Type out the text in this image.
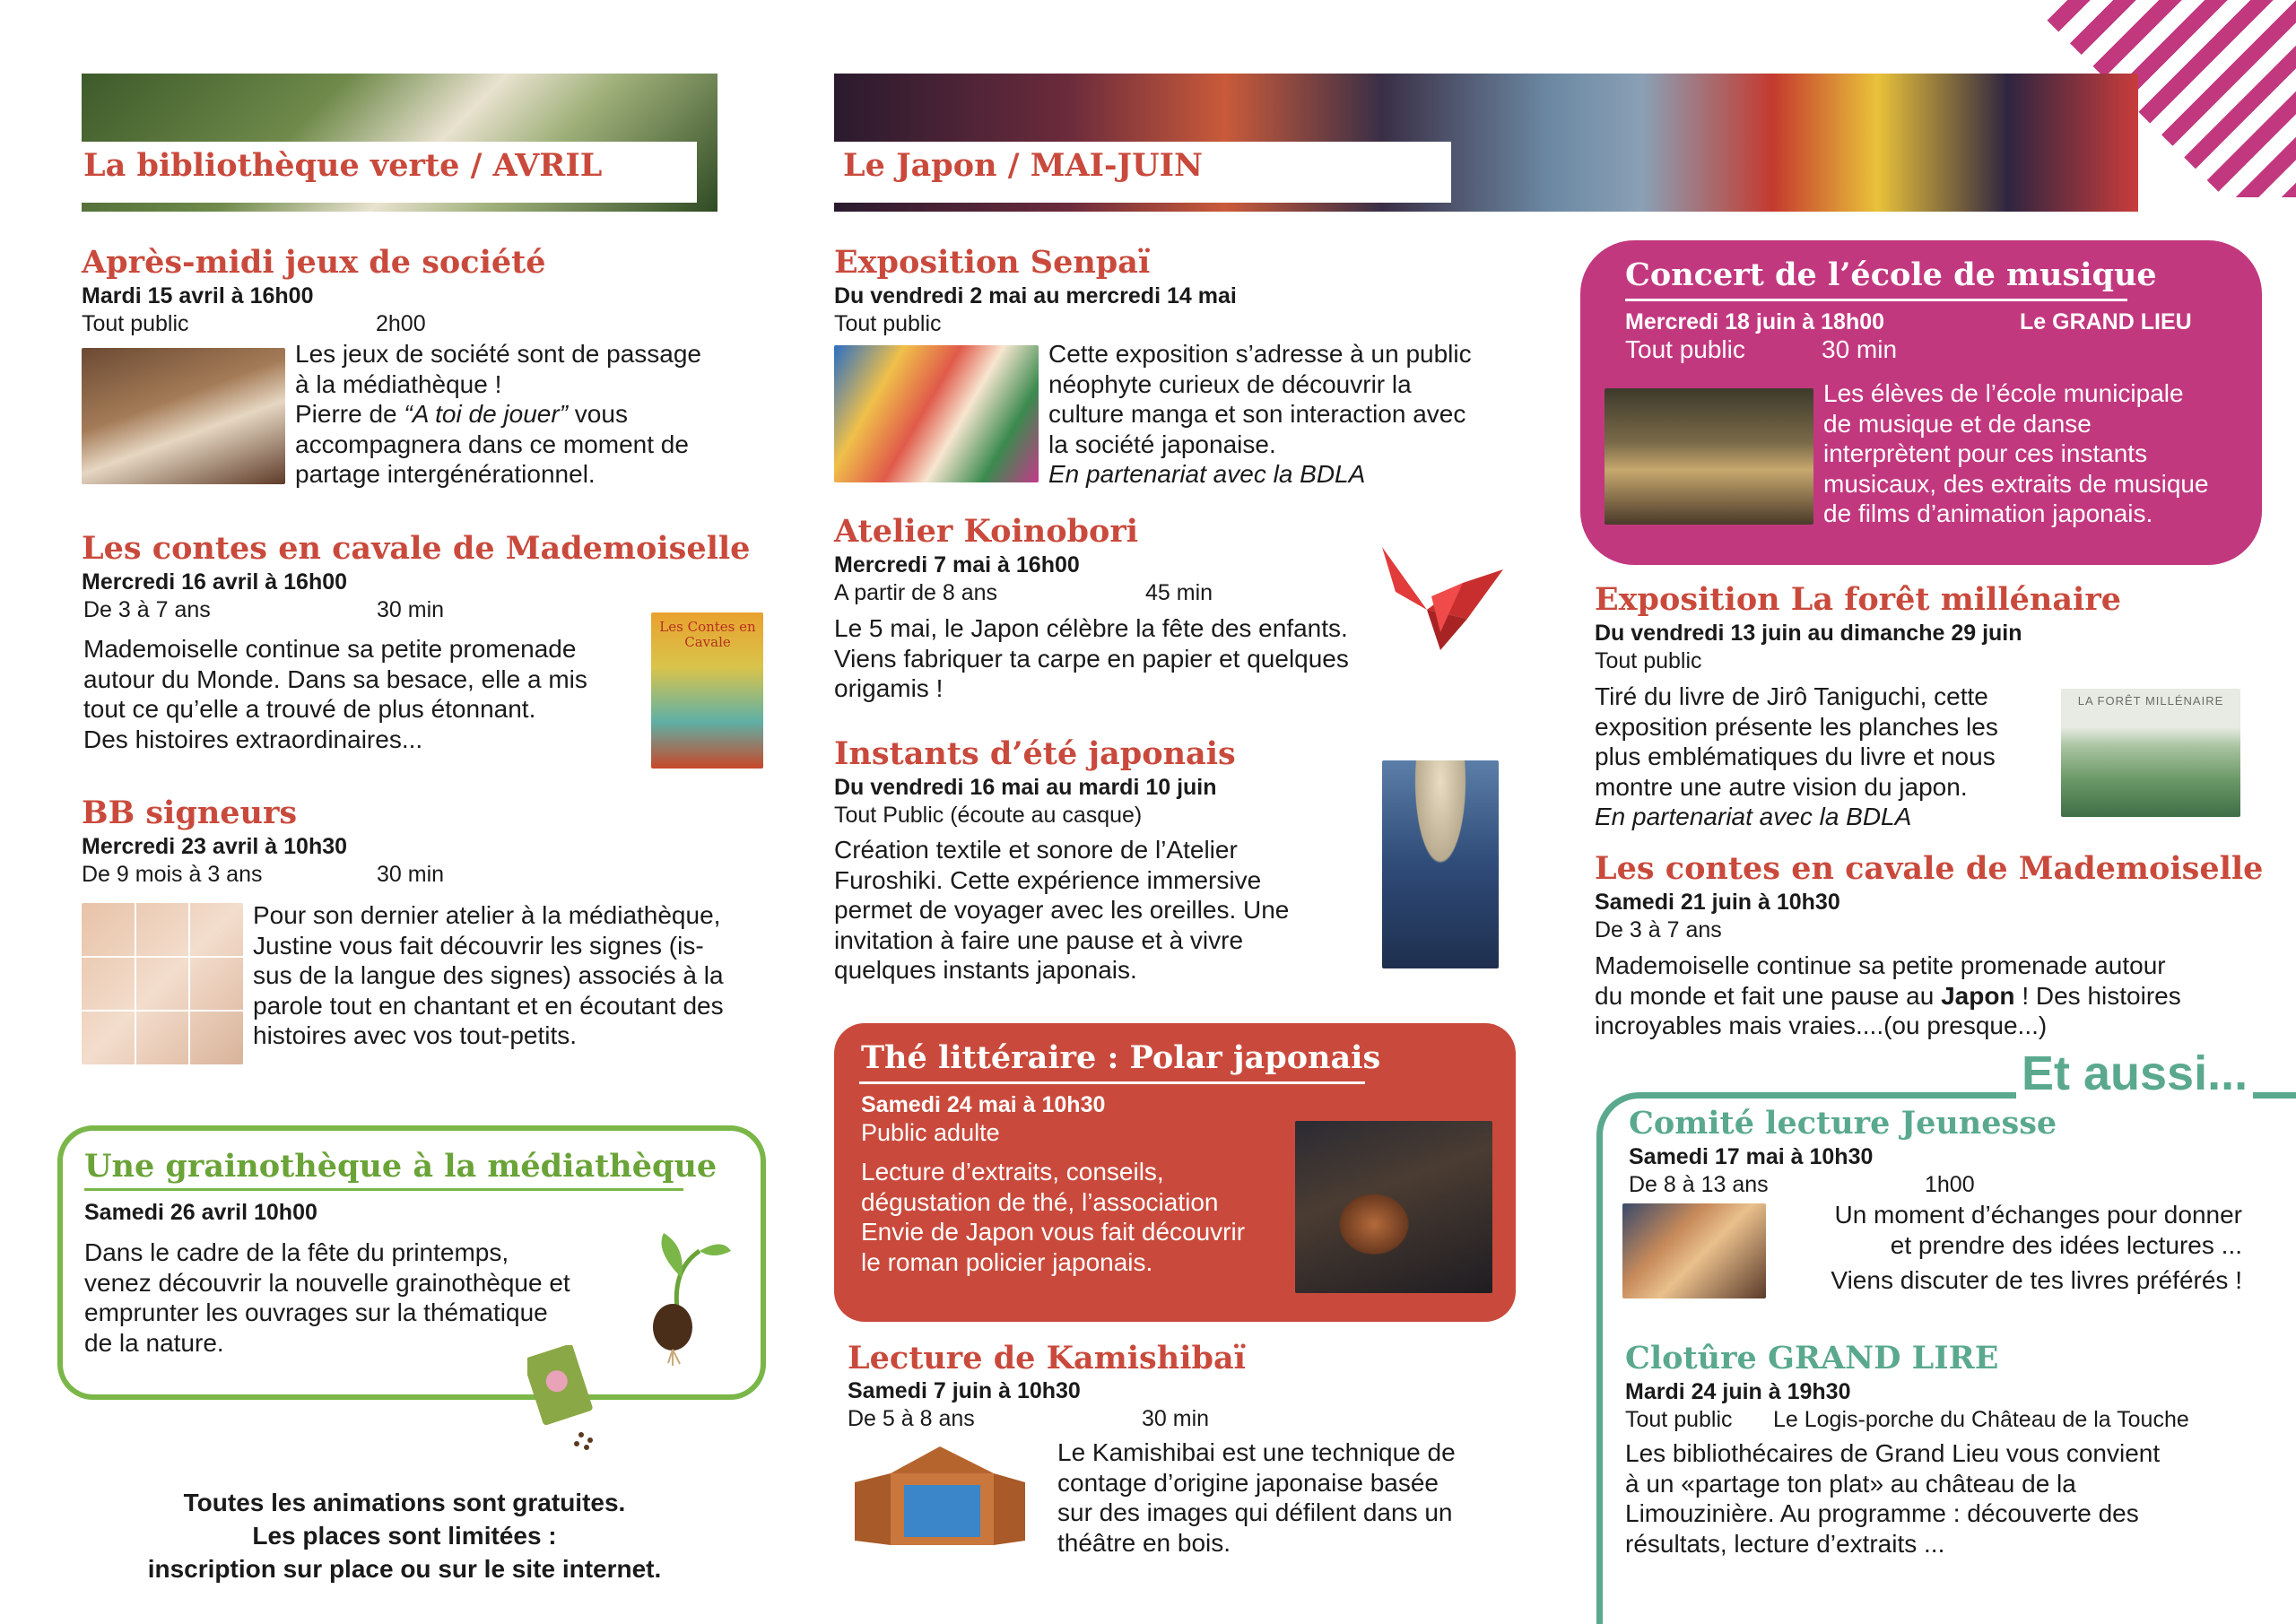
La bibliothèque verte / AVRIL
Après-midi jeux de société
Mardi 15 avril à 16h00
Tout public	2h00
Les jeux de société sont de passage
à la médiathèque !
Pierre de “A toi de jouer” vous
accompagnera dans ce moment de
partage intergénérationnel.
Les contes en cavale de Mademoiselle
Mercredi 16 avril à 16h00
De 3 à 7 ans	30 min
Mademoiselle continue sa petite promenade
autour du Monde. Dans sa besace, elle a mis
tout ce qu’elle a trouvé de plus étonnant.
Des histoires extraordinaires...
Les Contes en Cavale
BB signeurs
Mercredi 23 avril à 10h30
De 9 mois à 3 ans	30 min
Pour son dernier atelier à la médiathèque,
Justine vous fait découvrir les signes (is-
sus de la langue des signes) associés à la
parole tout en chantant et en écoutant des
histoires avec vos tout-petits.
Une grainothèque à la médiathèque
Samedi 26 avril 10h00
Dans le cadre de la fête du printemps,
venez découvrir la nouvelle grainothèque et
emprunter les ouvrages sur la thématique
de la nature.
Toutes les animations sont gratuites.
Les places sont limitées :
inscription sur place ou sur le site internet.
Le Japon / MAI-JUIN
Exposition Senpaï
Du vendredi 2 mai au mercredi 14 mai
Tout public
Cette exposition s’adresse à un public
néophyte curieux de découvrir la
culture manga et son interaction avec
la société japonaise.
En partenariat avec la BDLA
Atelier Koinobori
Mercredi 7 mai à 16h00
A partir de 8 ans	45 min
Le 5 mai, le Japon célèbre la fête des enfants.
Viens fabriquer ta carpe en papier et quelques
origamis !
Instants d’été japonais
Du vendredi 16 mai au mardi 10 juin
Tout Public (écoute au casque)
Création textile et sonore de l’Atelier
Furoshiki. Cette expérience immersive
permet de voyager avec les oreilles. Une
invitation à faire une pause et à vivre
quelques instants japonais.
Thé littéraire : Polar japonais
Samedi 24 mai à 10h30
Public adulte
Lecture d’extraits, conseils,
dégustation de thé, l’association
Envie de Japon vous fait découvrir
le roman policier japonais.
Lecture de Kamishibaï
Samedi 7 juin à 10h30
De 5 à 8 ans	30 min
Le Kamishibai est une technique de
contage d’origine japonaise basée
sur des images qui défilent dans un
théâtre en bois.
Concert de l’école de musique
Mercredi 18 juin à 18h00	Le GRAND LIEU
Tout public	30 min
Les élèves de l’école municipale
de musique et de danse
interprètent pour ces instants
musicaux, des extraits de musique
de films d’animation japonais.
Exposition La forêt millénaire
Du vendredi 13 juin au dimanche 29 juin
Tout public
Tiré du livre de Jirô Taniguchi, cette
exposition présente les planches les
plus emblématiques du livre et nous
montre une autre vision du japon.
En partenariat avec la BDLA
LA FORÊT MILLÉNAIRE
Les contes en cavale de Mademoiselle
Samedi 21 juin à 10h30
De 3 à 7 ans
Mademoiselle continue sa petite promenade autour
du monde et fait une pause au Japon ! Des histoires
incroyables mais vraies....(ou presque...)
Et aussi...
Comité lecture Jeunesse
Samedi 17 mai à 10h30
De 8 à 13 ans	1h00
Un moment d’échanges pour donner
et prendre des idées lectures ...
Viens discuter de tes livres préférés !
Clotûre GRAND LIRE
Mardi 24 juin à 19h30
Tout public Le Logis-porche du Château de la Touche
Les bibliothécaires de Grand Lieu vous convient
à un «partage ton plat» au château de la
Limouzinière. Au programme : découverte des
résultats, lecture d’extraits ...
